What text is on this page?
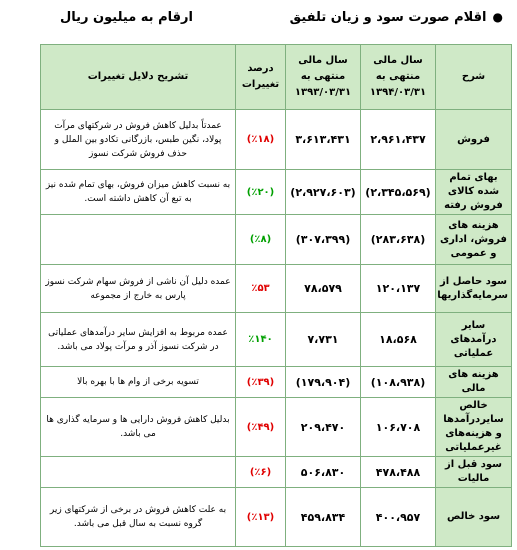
●اقلام صورت سود و زیان تلفیق
ارقام به میلیون ریال
شرح	سال مالی منتهی به ۱۳۹۴/۰۳/۳۱	سال مالی منتهی به ۱۳۹۳/۰۳/۳۱	درصد تغییرات	تشریح دلایل تغییرات
فروش	۲،۹۶۱،۴۳۷	۳،۶۱۳،۴۳۱	(٪۱۸)	عمدتاً بدلیل کاهش فروش در شرکتهای مرآت پولاد، نگین طبس، بازرگانی تکادو بین الملل و حذف فروش شرکت نسوز
بهای تمام شده کالای فروش رفته	(۲،۳۴۵،۵۶۹)	(۲،۹۲۷،۶۰۳)	(٪۲۰)	به نسبت کاهش میزان فروش، بهای تمام شده نیز به تبع آن کاهش داشته است.
هزینه های فروش، اداری و عمومی	(۲۸۳،۶۳۸)	(۳۰۷،۳۹۹)	(٪۸)	
سود حاصل از سرمایه‌گذاریها	۱۲۰،۱۳۷	۷۸،۵۷۹	٪۵۳	عمده دلیل آن ناشی از فروش سهام شرکت نسوز پارس به خارج از مجموعه
سایر درآمدهای عملیاتی	۱۸،۵۶۸	۷،۷۳۱	٪۱۴۰	عمده مربوط به افزایش سایر درآمدهای عملیاتی در شرکت نسوز آذر و مرآت پولاد می باشد.
هزینه های مالی	(۱۰۸،۹۳۸)	(۱۷۹،۹۰۴)	(٪۳۹)	تسویه برخی از وام ها با بهره بالا
خالص سایردرآمدها و هزینه‌های غیرعملیاتی	۱۰۶،۷۰۸	۲۰۹،۴۷۰	(٪۴۹)	بدلیل کاهش فروش دارایی ها و سرمایه گذاری ها می باشد.
سود قبل از مالیات	۴۷۸،۴۸۸	۵۰۶،۸۳۰	(٪۶)	
سود خالص	۴۰۰،۹۵۷	۴۵۹،۸۳۴	(٪۱۳)	به علت کاهش فروش در برخی از شرکتهای زیر گروه نسبت به سال قبل می باشد.
